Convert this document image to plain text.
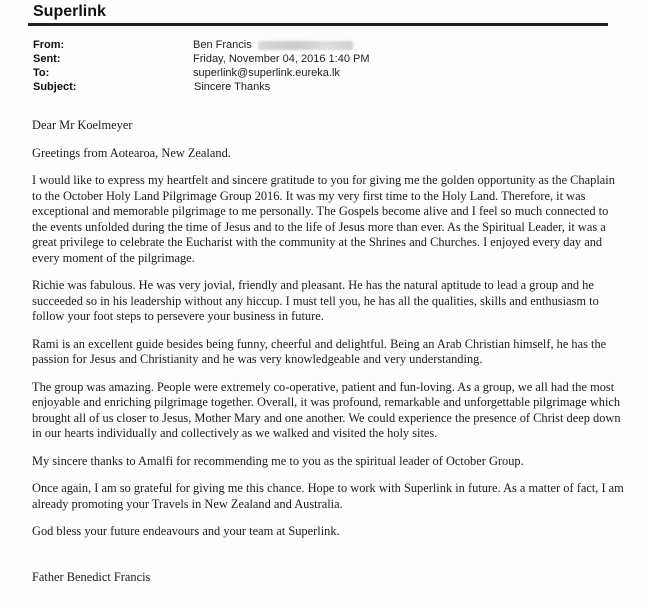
Superlink
From:	Ben Francis
Sent:	Friday, November 04, 2016 1:40 PM
To:	superlink@superlink.eureka.lk
Subject:	Sincere Thanks

Dear Mr Koelmeyer

Greetings from Aotearoa, New Zealand.

I would like to express my heartfelt and sincere gratitude to you for giving me the golden opportunity as the Chaplain to the October Holy Land Pilgrimage Group 2016. It was my very first time to the Holy Land. Therefore, it was exceptional and memorable pilgrimage to me personally. The Gospels become alive and I feel so much connected to the events unfolded during the time of Jesus and to the life of Jesus more than ever. As the Spiritual Leader, it was a great privilege to celebrate the Eucharist with the community at the Shrines and Churches. I enjoyed every day and every moment of the pilgrimage.

Richie was fabulous. He was very jovial, friendly and pleasant. He has the natural aptitude to lead a group and he succeeded so in his leadership without any hiccup. I must tell you, he has all the qualities, skills and enthusiasm to follow your foot steps to persevere your business in future.

Rami is an excellent guide besides being funny, cheerful and delightful. Being an Arab Christian himself, he has the passion for Jesus and Christianity and he was very knowledgeable and very understanding.

The group was amazing. People were extremely co-operative, patient and fun-loving. As a group, we all had the most enjoyable and enriching pilgrimage together. Overall, it was profound, remarkable and unforgettable pilgrimage which brought all of us closer to Jesus, Mother Mary and one another. We could experience the presence of Christ deep down in our hearts individually and collectively as we walked and visited the holy sites.

My sincere thanks to Amalfi for recommending me to you as the spiritual leader of October Group.

Once again, I am so grateful for giving me this chance. Hope to work with Superlink in future. As a matter of fact, I am already promoting your Travels in New Zealand and Australia.

God bless your future endeavours and your team at Superlink.

Father Benedict Francis
